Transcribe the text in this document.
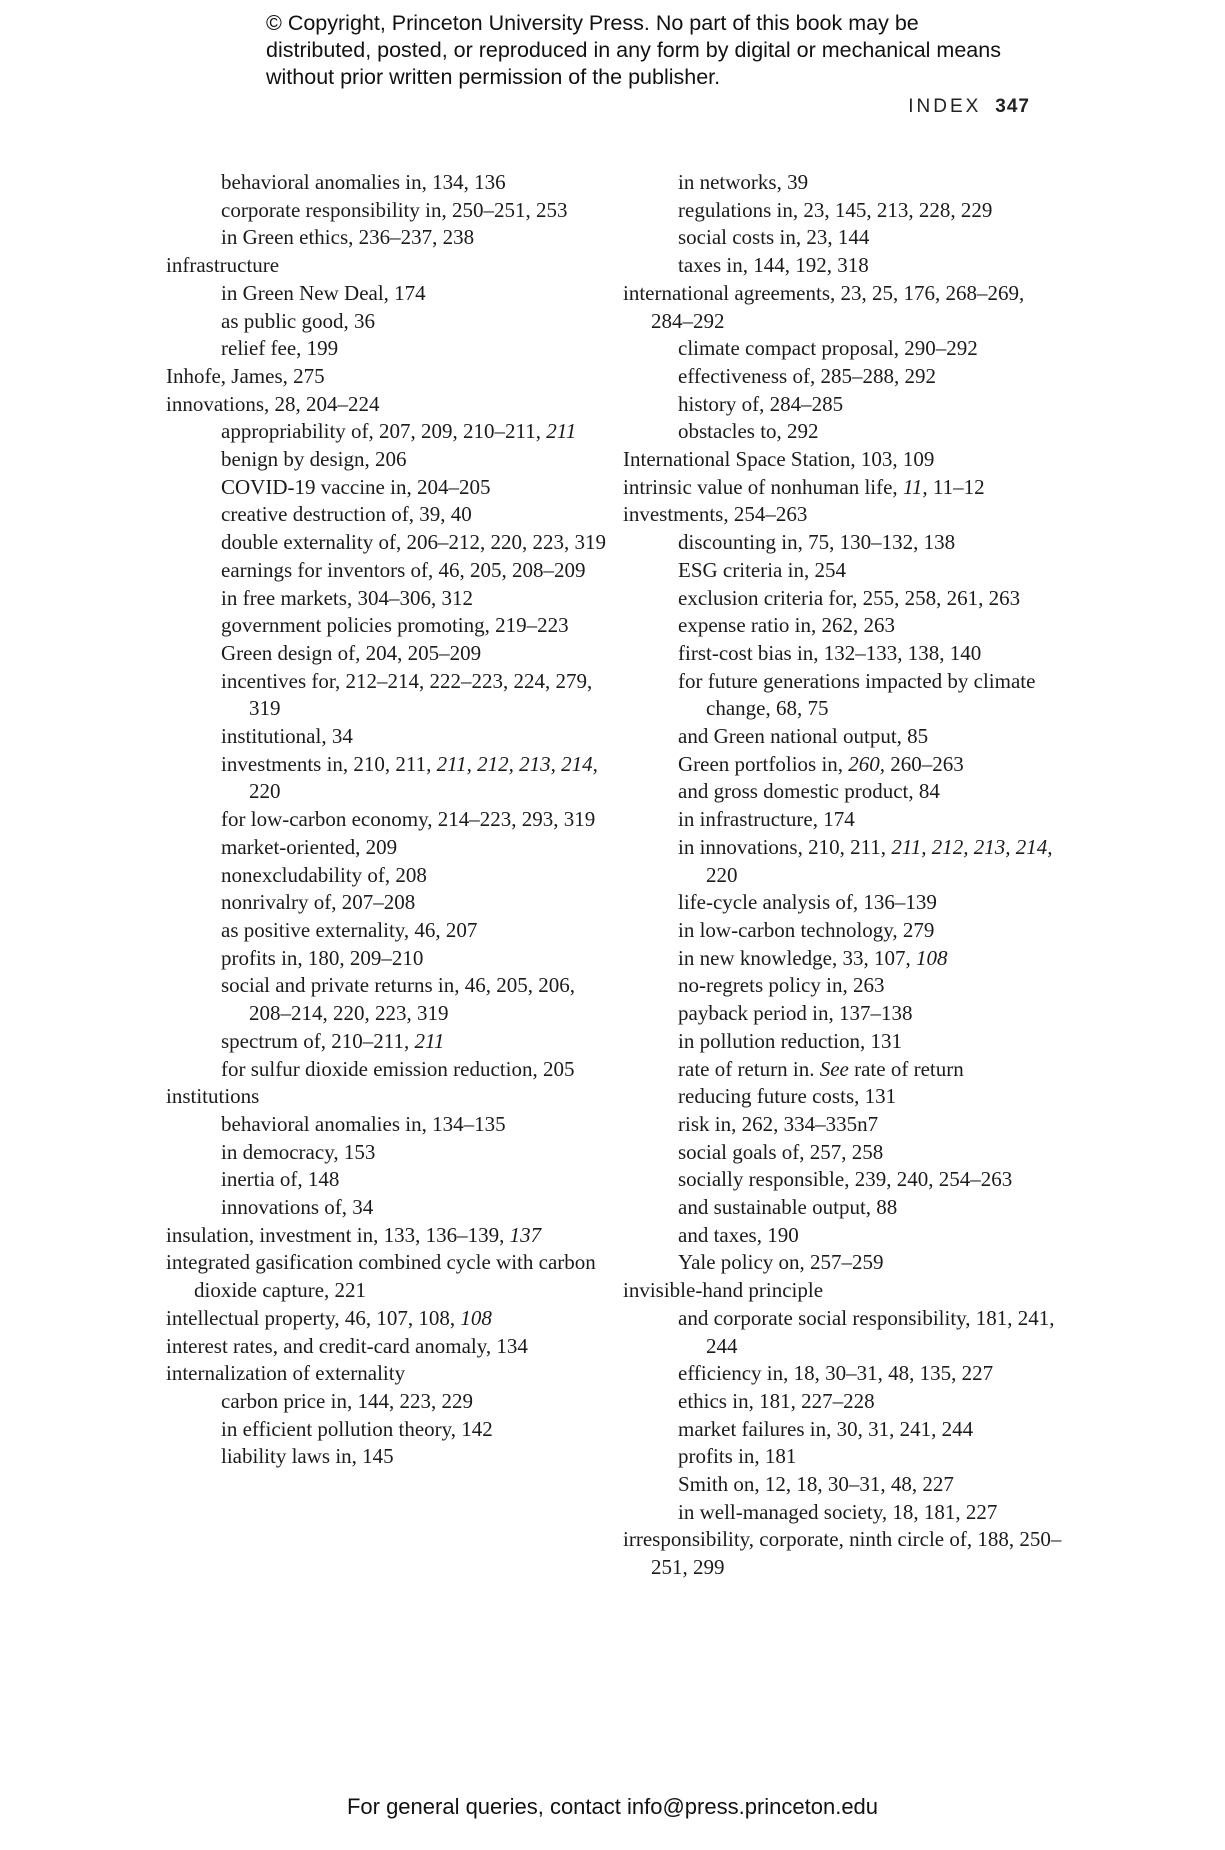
© Copyright, Princeton University Press. No part of this book may be distributed, posted, or reproduced in any form by digital or mechanical means without prior written permission of the publisher.
INDEX 347

behavioral anomalies in, 134, 136

corporate responsibility in, 250–251, 253

in Green ethics, 236–237, 238

infrastructure

in Green New Deal, 174

as public good, 36

relief fee, 199

Inhofe, James, 275

innovations, 28, 204–224

appropriability of, 207, 209, 210–211, 211

benign by design, 206

COVID-19 vaccine in, 204–205

creative destruction of, 39, 40

double externality of, 206–212, 220, 223, 319

earnings for inventors of, 46, 205, 208–209

in free markets, 304–306, 312

government policies promoting, 219–223

Green design of, 204, 205–209

incentives for, 212–214, 222–223, 224, 279, 319

institutional, 34

investments in, 210, 211, 211, 212, 213, 214, 220

for low-carbon economy, 214–223, 293, 319

market-oriented, 209

nonexcludability of, 208

nonrivalry of, 207–208

as positive externality, 46, 207

profits in, 180, 209–210

social and private returns in, 46, 205, 206, 208–214, 220, 223, 319

spectrum of, 210–211, 211

for sulfur dioxide emission reduction, 205

institutions

behavioral anomalies in, 134–135

in democracy, 153

inertia of, 148

innovations of, 34

insulation, investment in, 133, 136–139, 137

integrated gasification combined cycle with carbon dioxide capture, 221

intellectual property, 46, 107, 108, 108

interest rates, and credit-card anomaly, 134

internalization of externality

carbon price in, 144, 223, 229

in efficient pollution theory, 142

liability laws in, 145

in networks, 39

regulations in, 23, 145, 213, 228, 229

social costs in, 23, 144

taxes in, 144, 192, 318

international agreements, 23, 25, 176, 268–269, 284–292

climate compact proposal, 290–292

effectiveness of, 285–288, 292

history of, 284–285

obstacles to, 292

International Space Station, 103, 109

intrinsic value of nonhuman life, 11, 11–12

investments, 254–263

discounting in, 75, 130–132, 138

ESG criteria in, 254

exclusion criteria for, 255, 258, 261, 263

expense ratio in, 262, 263

first-cost bias in, 132–133, 138, 140

for future generations impacted by climate change, 68, 75

and Green national output, 85

Green portfolios in, 260, 260–263

and gross domestic product, 84

in infrastructure, 174

in innovations, 210, 211, 211, 212, 213, 214, 220

life-cycle analysis of, 136–139

in low-carbon technology, 279

in new knowledge, 33, 107, 108

no-regrets policy in, 263

payback period in, 137–138

in pollution reduction, 131

rate of return in. See rate of return

reducing future costs, 131

risk in, 262, 334–335n7

social goals of, 257, 258

socially responsible, 239, 240, 254–263

and sustainable output, 88

and taxes, 190

Yale policy on, 257–259

invisible-hand principle

and corporate social responsibility, 181, 241, 244

efficiency in, 18, 30–31, 48, 135, 227

ethics in, 181, 227–228

market failures in, 30, 31, 241, 244

profits in, 181

Smith on, 12, 18, 30–31, 48, 227

in well-managed society, 18, 181, 227

irresponsibility, corporate, ninth circle of, 188, 250–251, 299

For general queries, contact info@press.princeton.edu
